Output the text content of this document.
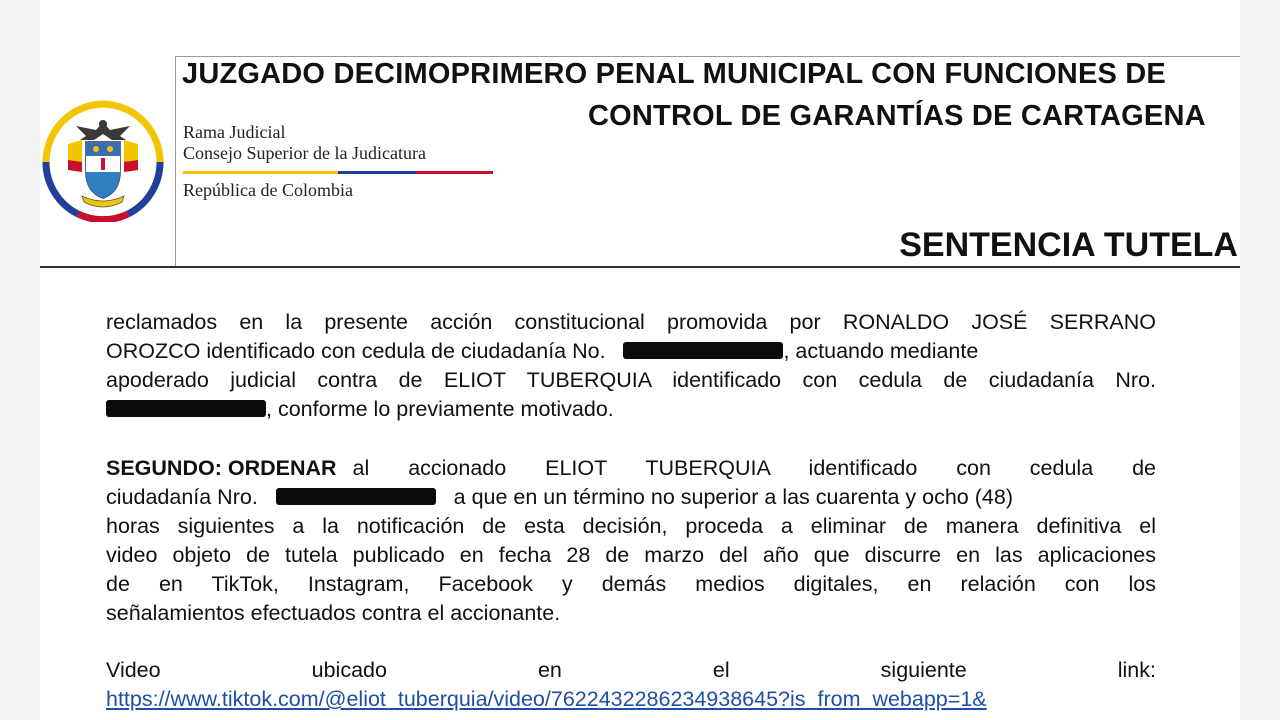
JUZGADO DECIMOPRIMERO PENAL MUNICIPAL CON FUNCIONES DE
CONTROL DE GARANTÍAS DE CARTAGENA
Rama Judicial
Consejo Superior de la Judicatura
República de Colombia
SENTENCIA TUTELA
reclamados en la presente acción constitucional promovida por RONALDO JOSÉ SERRANO
OROZCO identificado con cedula de ciudadanía No.	, actuando mediante
apoderado judicial contra de ELIOT TUBERQUIA identificado con cedula de ciudadanía Nro.
, conforme lo previamente motivado.
SEGUNDO: ORDENAR al accionado ELIOT TUBERQUIA identificado con cedula de
ciudadanía Nro.	a que en un término no superior a las cuarenta y ocho (48)
horas siguientes a la notificación de esta decisión, proceda a eliminar de manera definitiva el
video objeto de tutela publicado en fecha 28 de marzo del año que discurre en las aplicaciones
de en TikTok, Instagram, Facebook y demás medios digitales, en relación con los
señalamientos efectuados contra el accionante.
Video ubicado en el siguiente link:
https://www.tiktok.com/@eliot_tuberquia/video/7622432286234938645?is_from_webapp=1&
